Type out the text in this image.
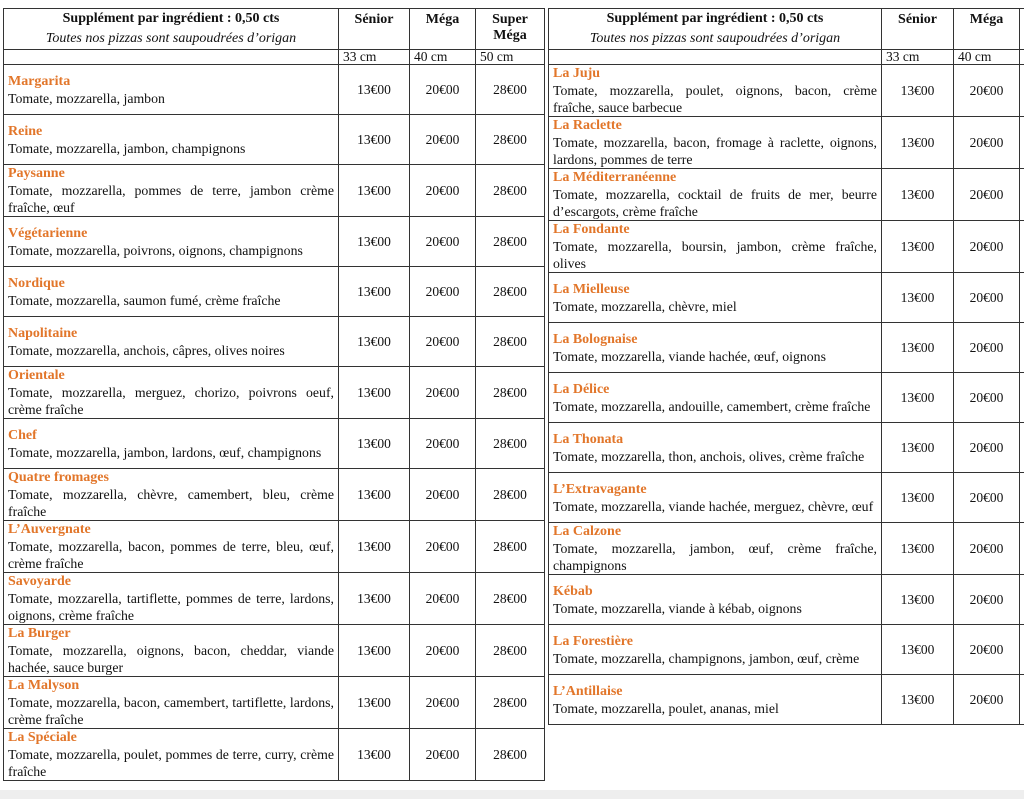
Supplément par ingrédient : 0,50 cts
Toutes nos pizzas sont saupoudrées d’origan	Sénior	Méga	Super Méga
	33 cm	40 cm	50 cm

Margarita
Tomate, mozzarella, jambon	13€00	20€00	28€00

Reine
Tomate, mozzarella, jambon, champignons	13€00	20€00	28€00

Paysanne
Tomate, mozzarella, pommes de terre, jambon crème fraîche, œuf	13€00	20€00	28€00

Végétarienne
Tomate, mozzarella, poivrons, oignons, champignons	13€00	20€00	28€00

Nordique
Tomate, mozzarella, saumon fumé, crème fraîche	13€00	20€00	28€00

Napolitaine
Tomate, mozzarella, anchois, câpres, olives noires	13€00	20€00	28€00

Orientale
Tomate, mozzarella, merguez, chorizo, poivrons oeuf, crème fraîche	13€00	20€00	28€00

Chef
Tomate, mozzarella, jambon, lardons, œuf, champignons	13€00	20€00	28€00

Quatre fromages
Tomate, mozzarella, chèvre, camembert, bleu, crème fraîche	13€00	20€00	28€00

L’Auvergnate
Tomate, mozzarella, bacon, pommes de terre, bleu, œuf, crème fraîche	13€00	20€00	28€00

Savoyarde
Tomate, mozzarella, tartiflette, pommes de terre, lardons, oignons, crème fraîche	13€00	20€00	28€00

La Burger
Tomate, mozzarella, oignons, bacon, cheddar, viande hachée, sauce burger	13€00	20€00	28€00

La Malyson
Tomate, mozzarella, bacon, camembert, tartiflette, lardons, crème fraîche	13€00	20€00	28€00

La Spéciale
Tomate, mozzarella, poulet, pommes de terre, curry, crème fraîche	13€00	20€00	28€00
Supplément par ingrédient : 0,50 cts
Toutes nos pizzas sont saupoudrées d’origan	Sénior	Méga	
	33 cm	40 cm	

La Juju
Tomate, mozzarella, poulet, oignons, bacon, crème fraîche, sauce barbecue	13€00	20€00	

La Raclette
Tomate, mozzarella, bacon, fromage à raclette, oignons, lardons, pommes de terre	13€00	20€00	

La Méditerranéenne
Tomate, mozzarella, cocktail de fruits de mer, beurre d’escargots, crème fraîche	13€00	20€00	

La Fondante
Tomate, mozzarella, boursin, jambon, crème fraîche, olives	13€00	20€00	

La Mielleuse
Tomate, mozzarella, chèvre, miel	13€00	20€00	

La Bolognaise
Tomate, mozzarella, viande hachée, œuf, oignons	13€00	20€00	

La Délice
Tomate, mozzarella, andouille, camembert, crème fraîche	13€00	20€00	

La Thonata
Tomate, mozzarella, thon, anchois, olives, crème fraîche	13€00	20€00	

L’Extravagante
Tomate, mozzarella, viande hachée, merguez, chèvre, œuf	13€00	20€00	

La Calzone
Tomate, mozzarella, jambon, œuf, crème fraîche, champignons	13€00	20€00	

Kébab
Tomate, mozzarella, viande à kébab, oignons	13€00	20€00	

La Forestière
Tomate, mozzarella, champignons, jambon, œuf, crème	13€00	20€00	

L’Antillaise
Tomate, mozzarella, poulet, ananas, miel	13€00	20€00	
